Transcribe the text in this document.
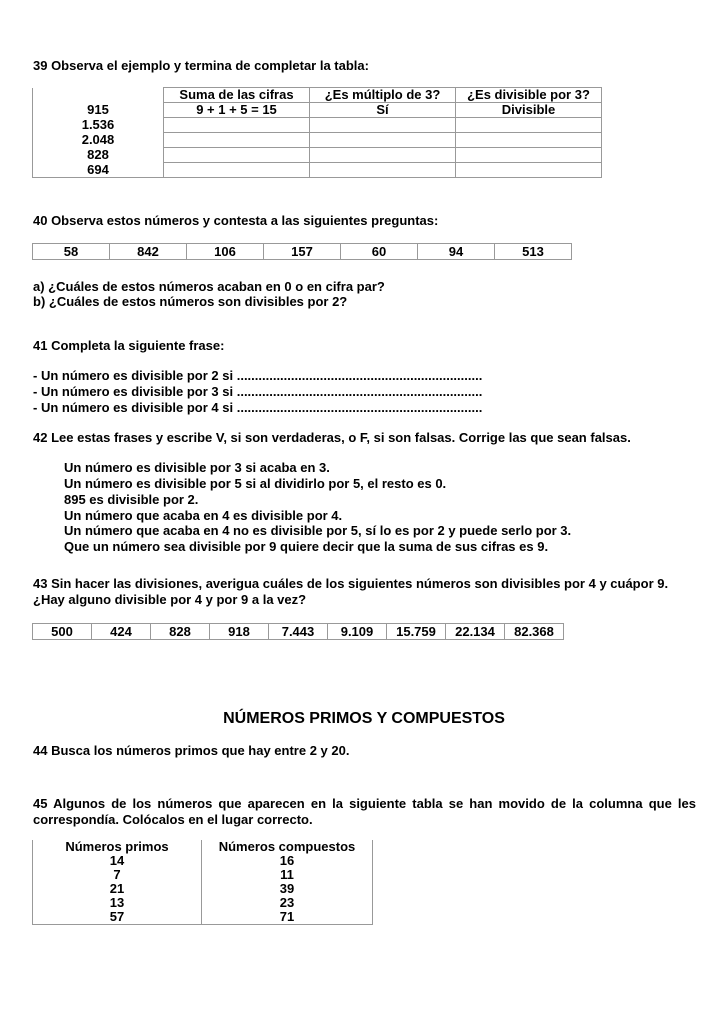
39 Observa el ejemplo y termina de completar la tabla:
	Suma de las cifras	¿Es múltiplo de 3?	¿Es divisible por 3?
915	9 + 1 + 5 = 15	Sí	Divisible
1.536			
2.048			
828			
694			
40 Observa estos números y contesta a las siguientes preguntas:
58	842	106	157	60	94	513
a) ¿Cuáles de estos números acaban en 0 o en cifra par?
b) ¿Cuáles de estos números son divisibles por 2?
41 Completa la siguiente frase:
- Un número es divisible por 2 si ....................................................................
- Un número es divisible por 3 si ....................................................................
- Un número es divisible por 4 si ....................................................................
42 Lee estas frases y escribe V, si son verdaderas, o F, si son falsas. Corrige las que sean falsas.
Un número es divisible por 3 si acaba en 3.
Un número es divisible por 5 si al dividirlo por 5, el resto es 0.
895 es divisible por 2.
Un número que acaba en 4 es divisible por 4.
Un número que acaba en 4 no es divisible por 5, sí lo es por 2 y puede serlo por 3.
Que un número sea divisible por 9 quiere decir que la suma de sus cifras es 9.
43 Sin hacer las divisiones, averigua cuáles de los siguientes números son divisibles por 4 y cuápor 9.
¿Hay alguno divisible por 4 y por 9 a la vez?
500	424	828	918	7.443	9.109	15.759	22.134	82.368
NÚMEROS PRIMOS Y COMPUESTOS
44 Busca los números primos que hay entre 2 y 20.
45 Algunos de los números que aparecen en la siguiente tabla se han movido de la columna que les
correspondía. Colócalos en el lugar correcto.
Números primos	Números compuestos
14	16
7	11
21	39
13	23
57	71
